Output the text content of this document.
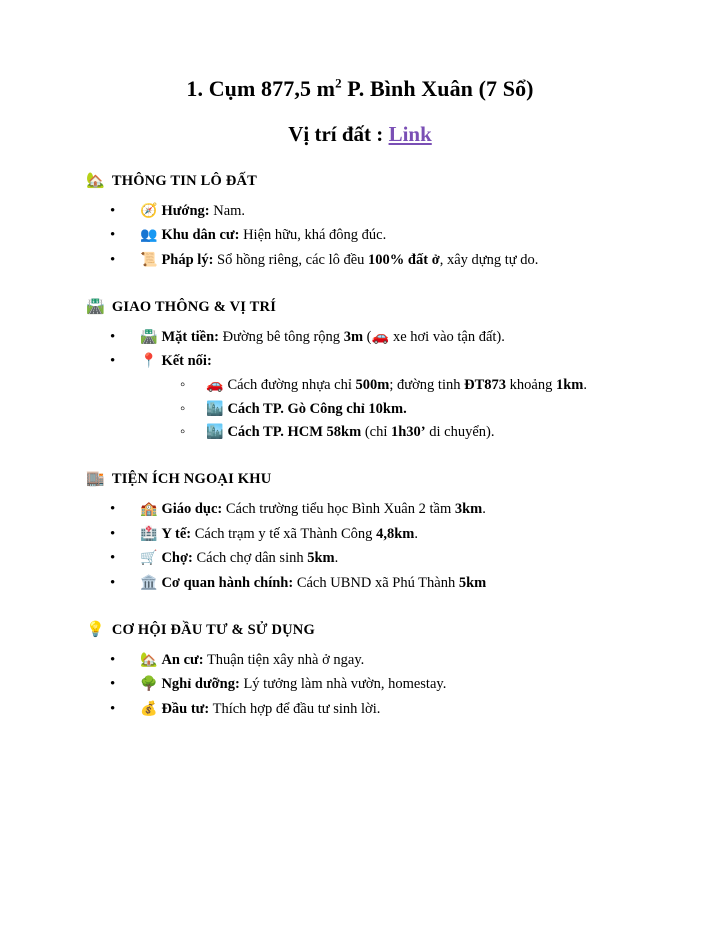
1. Cụm 877,5 $m^2$ P. Bình Xuân (7 Sổ)
Vị trí đất : Link
🏡 THÔNG TIN LÔ ĐẤT
• 🧭 Hướng: Nam.
• 👥 Khu dân cư: Hiện hữu, khá đông đúc.
• 📜 Pháp lý: Sổ hồng riêng, các lô đều 100% đất ở, xây dựng tự do.
🛣️ GIAO THÔNG & VỊ TRÍ
• 🛣️ Mặt tiền: Đường bê tông rộng 3m (🚗 xe hơi vào tận đất).
• 📍 Kết nối:
◦ 🚗 Cách đường nhựa chỉ 500m; đường tinh ĐT873 khoảng 1km.
◦ 🏙️ Cách TP. Gò Công chỉ 10km.
◦ 🏙️ Cách TP. HCM 58km (chỉ 1h30’ di chuyển).
🏬 TIỆN ÍCH NGOẠI KHU
• 🏫 Giáo dục: Cách trường tiểu học Bình Xuân 2 tầm 3km.
• 🏥 Y tế: Cách trạm y tế xã Thành Công 4,8km.
• 🛒 Chợ: Cách chợ dân sinh 5km.
• 🏛️ Cơ quan hành chính: Cách UBND xã Phú Thành 5km
💡 CƠ HỘI ĐẦU TƯ & SỬ DỤNG
• 🏡 An cư: Thuận tiện xây nhà ở ngay.
• 🌳 Nghỉ dưỡng: Lý tưởng làm nhà vườn, homestay.
• 💰 Đầu tư: Thích hợp để đầu tư sinh lời.
